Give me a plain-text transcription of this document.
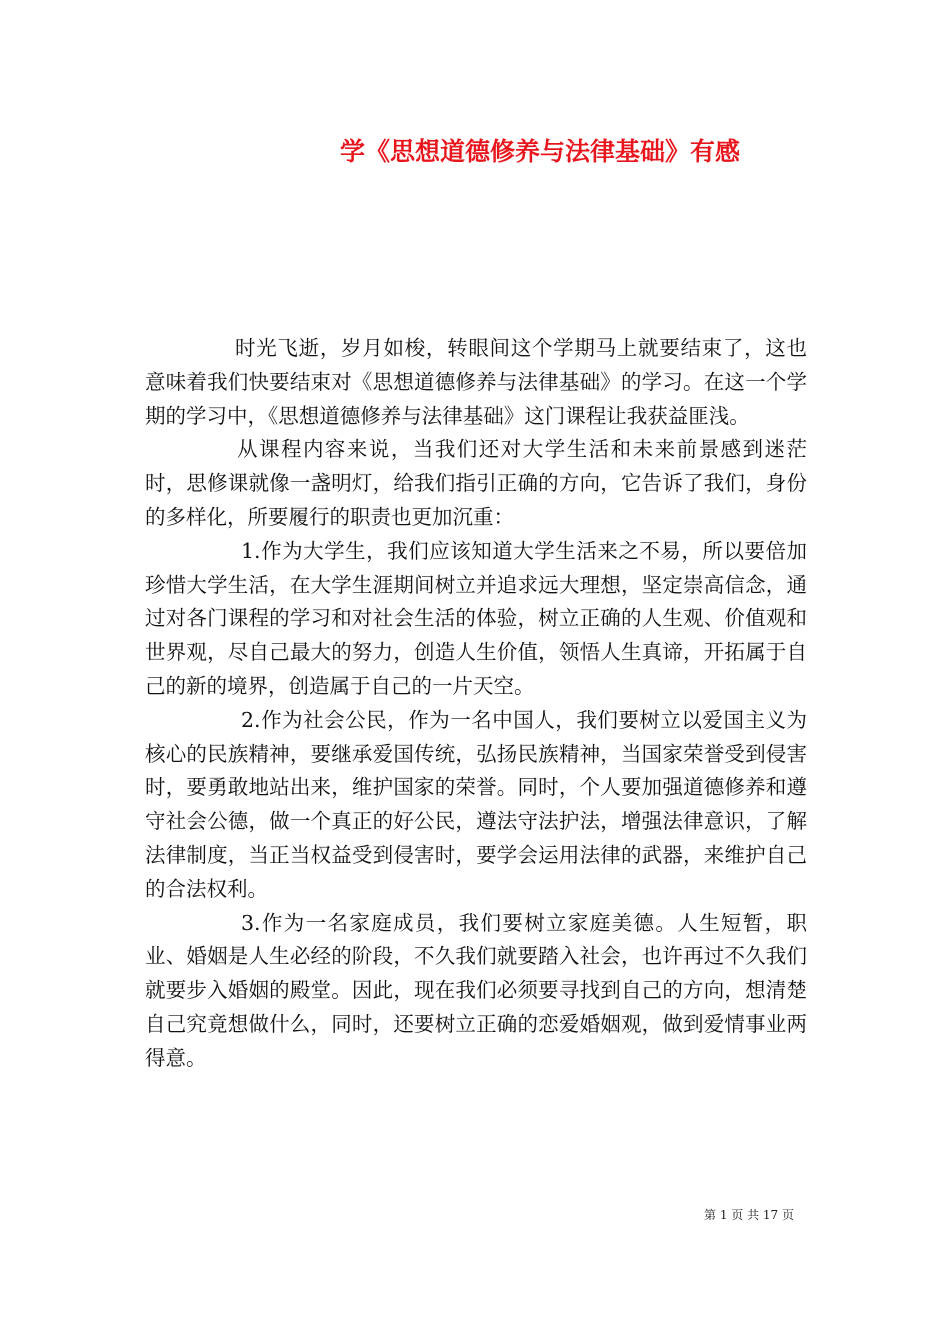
学《思想道德修养与法律基础》有感

时光飞逝，岁月如梭，转眼间这个学期马上就要结束了，这也意味着我们快要结束对《思想道德修养与法律基础》的学习。在这一个学期的学习中，《思想道德修养与法律基础》这门课程让我获益匪浅。

从课程内容来说，当我们还对大学生活和未来前景感到迷茫时，思修课就像一盏明灯，给我们指引正确的方向，它告诉了我们，身份的多样化，所要履行的职责也更加沉重：

1.作为大学生，我们应该知道大学生活来之不易，所以要倍加珍惜大学生活，在大学生涯期间树立并追求远大理想，坚定崇高信念，通过对各门课程的学习和对社会生活的体验，树立正确的人生观、价值观和世界观，尽自己最大的努力，创造人生价值，领悟人生真谛，开拓属于自己的新的境界，创造属于自己的一片天空。

2.作为社会公民，作为一名中国人，我们要树立以爱国主义为核心的民族精神，要继承爱国传统，弘扬民族精神，当国家荣誉受到侵害时，要勇敢地站出来，维护国家的荣誉。同时，个人要加强道德修养和遵守社会公德，做一个真正的好公民，遵法守法护法，增强法律意识，了解法律制度，当正当权益受到侵害时，要学会运用法律的武器，来维护自己的合法权利。

3.作为一名家庭成员，我们要树立家庭美德。人生短暂，职业、婚姻是人生必经的阶段，不久我们就要踏入社会，也许再过不久我们就要步入婚姻的殿堂。因此，现在我们必须要寻找到自己的方向，想清楚自己究竟想做什么，同时，还要树立正确的恋爱婚姻观，做到爱情事业两得意。

第 1 页 共 17 页
